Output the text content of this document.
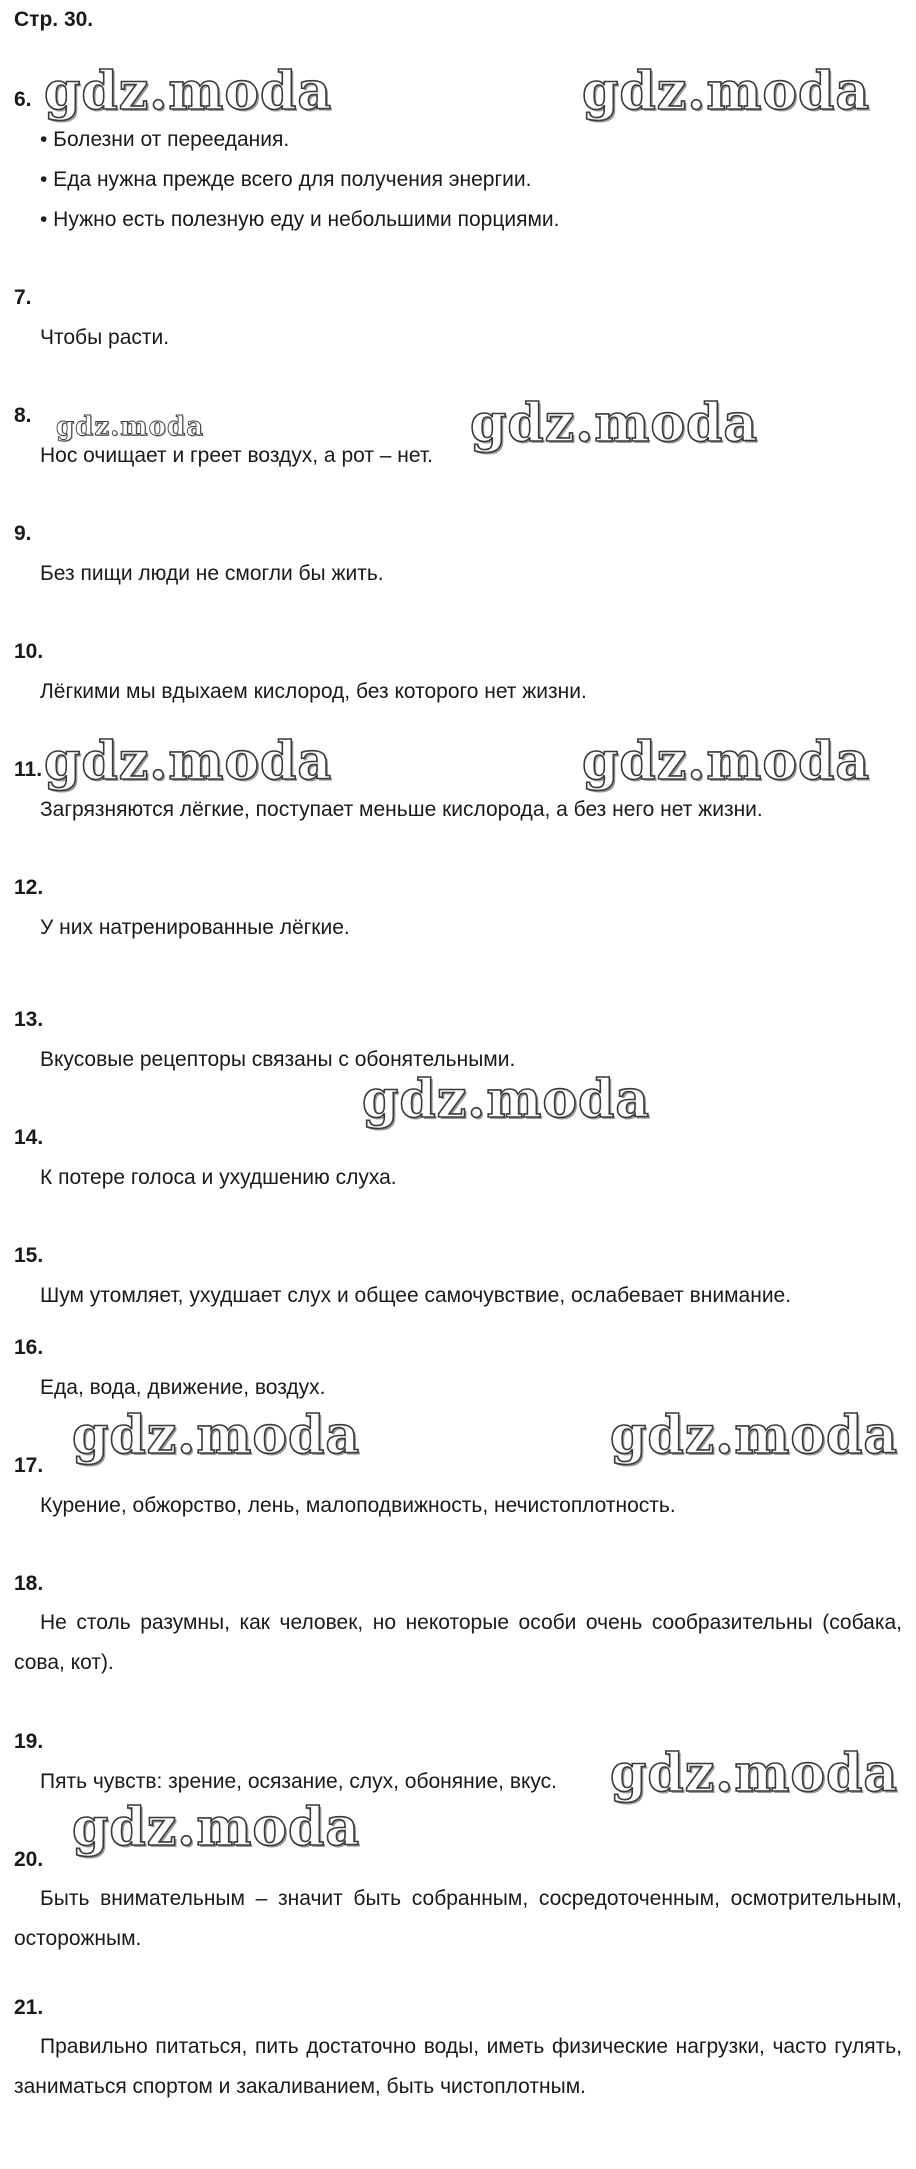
Стр. 30.
6.
• Болезни от переедания.
• Еда нужна прежде всего для получения энергии.
• Нужно есть полезную еду и небольшими порциями.
7.
Чтобы расти.
8.
Нос очищает и греет воздух, а рот – нет.
9.
Без пищи люди не смогли бы жить.
10.
Лёгкими мы вдыхаем кислород, без которого нет жизни.
11.
Загрязняются лёгкие, поступает меньше кислорода, а без него нет жизни.
12.
У них натренированные лёгкие.
13.
Вкусовые рецепторы связаны с обонятельными.
14.
К потере голоса и ухудшению слуха.
15.
Шум утомляет, ухудшает слух и общее самочувствие, ослабевает внимание.
16.
Еда, вода, движение, воздух.
17.
Курение, обжорство, лень, малоподвижность, нечистоплотность.
18.
Не столь разумны, как человек, но некоторые особи очень сообразительны (собака, сова, кот).
19.
Пять чувств: зрение, осязание, слух, обоняние, вкус.
20.
Быть внимательным – значит быть собранным, сосредоточенным, осмотрительным, осторожным.
21.
Правильно питаться, пить достаточно воды, иметь физические нагрузки, часто гулять, заниматься спортом и закаливанием, быть чистоплотным.
gdz.moda	gdz.moda
gdz.moda	gdz.moda
gdz.moda	gdz.moda
gdz.moda
gdz.moda	gdz.moda
gdz.moda
gdz.moda
